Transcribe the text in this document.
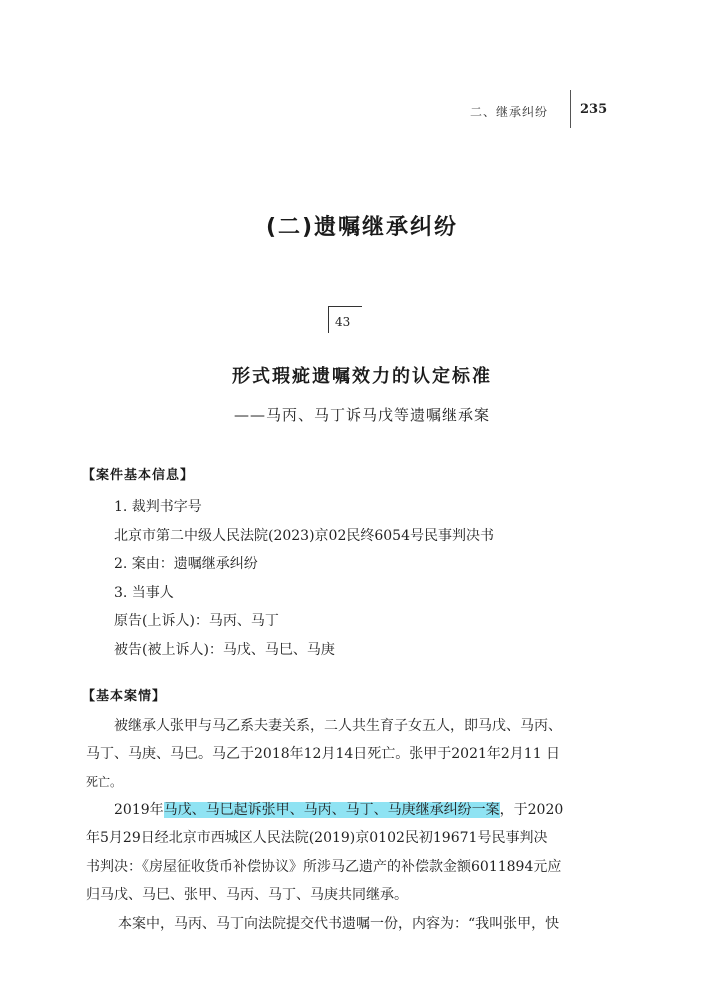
二、继承纠纷 235
(二)遗嘱继承纠纷
43
形式瑕疵遗嘱效力的认定标准
——马丙、马丁诉马戊等遗嘱继承案
【案件基本信息】
1. 裁判书字号
北京市第二中级人民法院(2023)京02民终6054号民事判决书
2. 案由：遗嘱继承纠纷
3. 当事人
原告(上诉人)：马丙、马丁
被告(被上诉人)：马戊、马巳、马庚
【基本案情】
被继承人张甲与马乙系夫妻关系，二人共生育子女五人，即马戊、马丙、
马丁、马庚、马巳。马乙于2018年12月14日死亡。张甲于2021年2月11 日
死亡。
2019年马戊、马巳起诉张甲、马丙、马丁、马庚继承纠纷一案，于2020
年5月29日经北京市西城区人民法院(2019)京0102民初19671号民事判决
书判决：《房屋征收货币补偿协议》所涉马乙遗产的补偿款金额6011894元应
归马戊、马巳、张甲、马丙、马丁、马庚共同继承。
本案中，马丙、马丁向法院提交代书遗嘱一份，内容为：“我叫张甲，快
